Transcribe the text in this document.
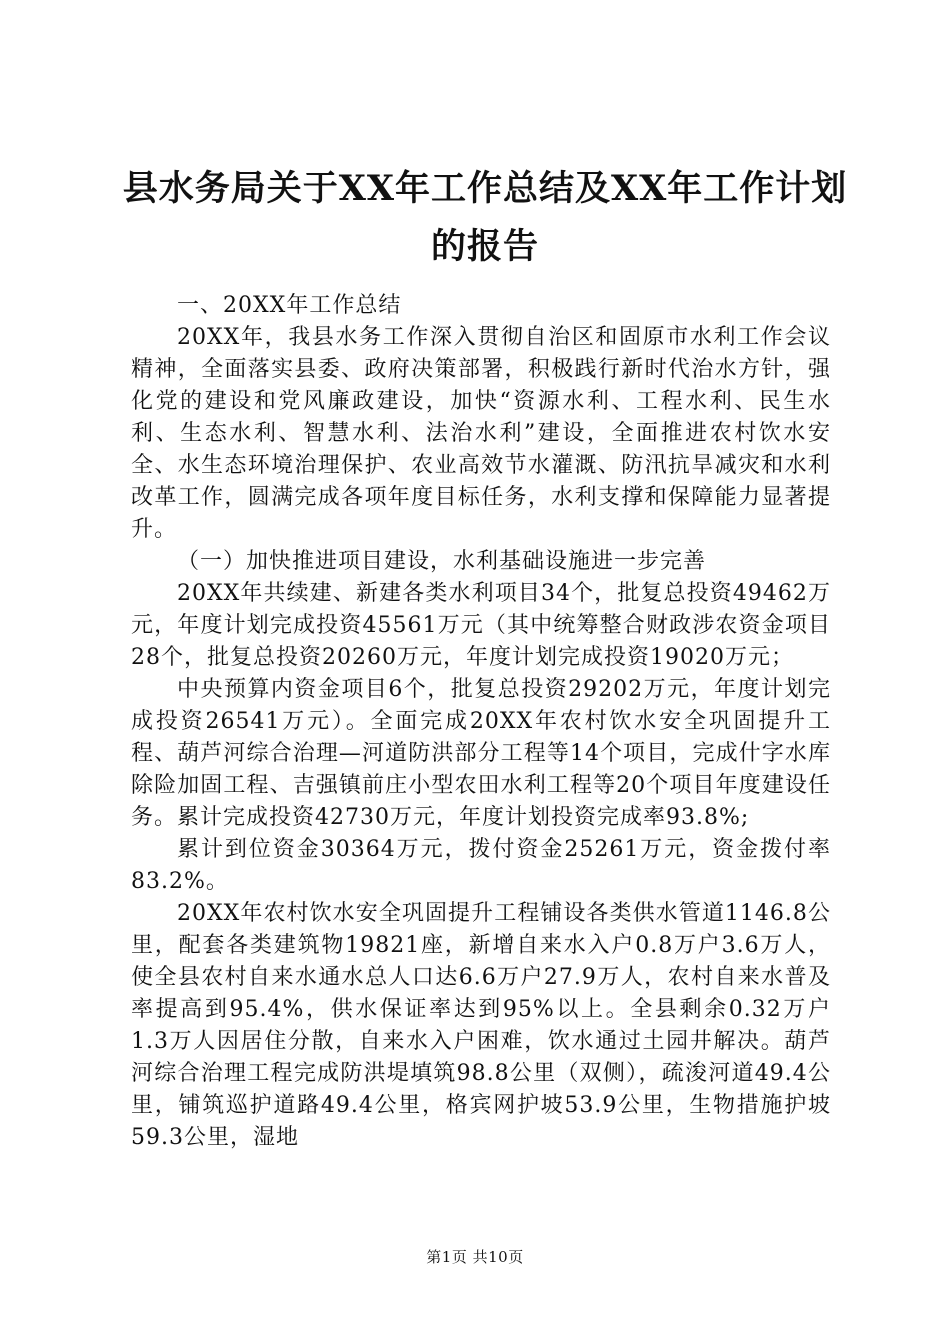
县水务局关于XX年工作总结及XX年工作计划
的报告

一、20XX年工作总结

20XX年，我县水务工作深入贯彻自治区和固原市水利工作会议精神，全面落实县委、政府决策部署，积极践行新时代治水方针，强化党的建设和党风廉政建设，加快“资源水利、工程水利、民生水利、生态水利、智慧水利、法治水利”建设，全面推进农村饮水安全、水生态环境治理保护、农业高效节水灌溉、防汛抗旱减灾和水利改革工作，圆满完成各项年度目标任务，水利支撑和保障能力显著提升。

（一）加快推进项目建设，水利基础设施进一步完善

20XX年共续建、新建各类水利项目34个，批复总投资49462万元，年度计划完成投资45561万元（其中统筹整合财政涉农资金项目28个，批复总投资20260万元，年度计划完成投资19020万元；

中央预算内资金项目6个，批复总投资29202万元，年度计划完成投资26541万元）。全面完成20XX年农村饮水安全巩固提升工程、葫芦河综合治理—河道防洪部分工程等14个项目，完成什字水库除险加固工程、吉强镇前庄小型农田水利工程等20个项目年度建设任务。累计完成投资42730万元，年度计划投资完成率93.8%;

累计到位资金30364万元，拨付资金25261万元，资金拨付率83.2%。

20XX年农村饮水安全巩固提升工程铺设各类供水管道1146.8公里，配套各类建筑物19821座，新增自来水入户0.8万户3.6万人，使全县农村自来水通水总人口达6.6万户27.9万人，农村自来水普及率提高到95.4%，供水保证率达到95%以上。全县剩余0.32万户1.3万人因居住分散，自来水入户困难，饮水通过土园井解决。葫芦河综合治理工程完成防洪堤填筑98.8公里（双侧），疏浚河道49.4公里，铺筑巡护道路49.4公里，格宾网护坡53.9公里，生物措施护坡59.3公里，湿地

第1页 共10页
